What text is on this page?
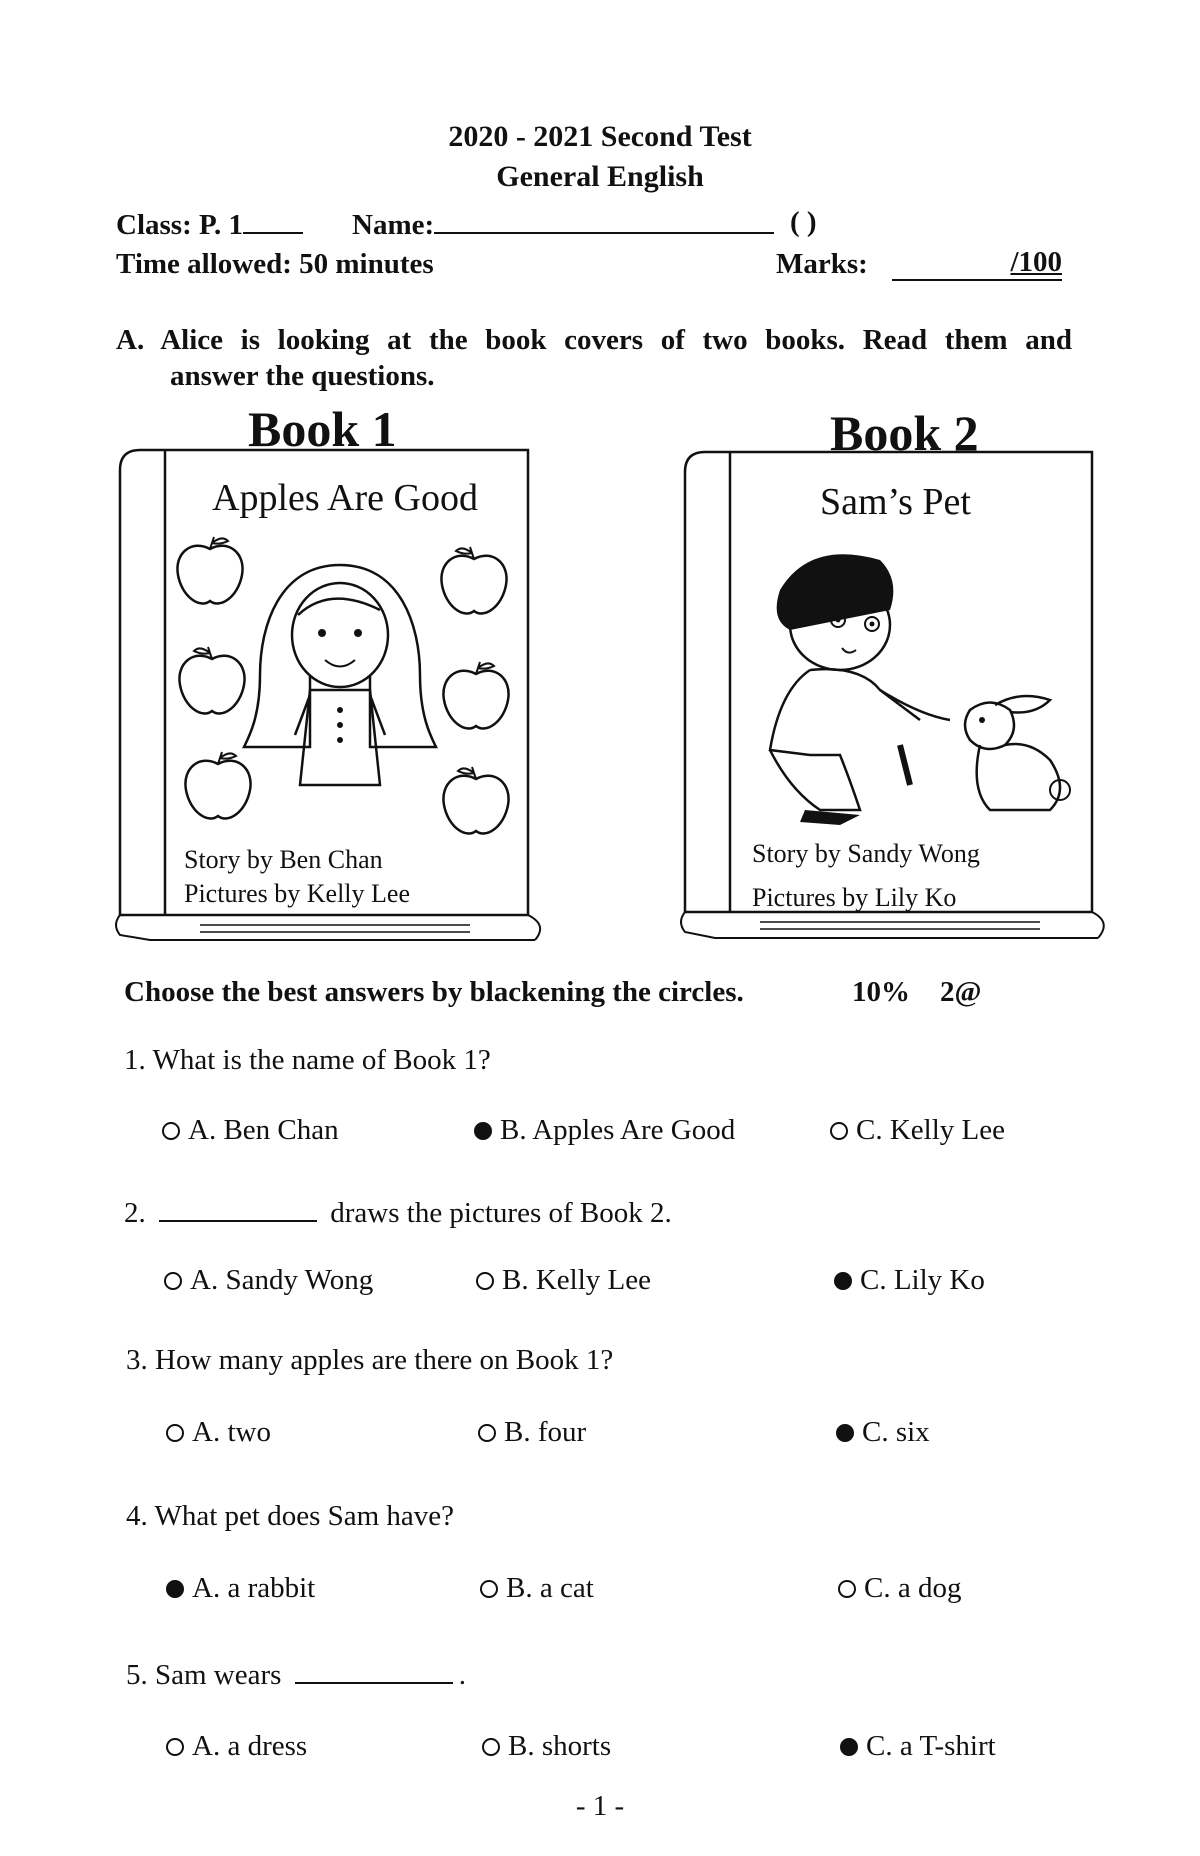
2020 - 2021 Second Test
General English
Class: P. 1	Name:	( )
Time allowed: 50 minutes	Marks:	/100
A. Alice is looking at the book covers of two books. Read them and
answer the questions.
Book 1
Apples Are Good
Story by Ben Chan
Pictures by Kelly Lee
Book 2
Sam’s Pet
Story by Sandy Wong
Pictures by Lily Ko
Choose the best answers by blackening the circles.	10% 2@
1. What is the name of Book 1?
A. Ben Chan	B. Apples Are Good	C. Kelly Lee
2.	draws the pictures of Book 2.
A. Sandy Wong	B. Kelly Lee	C. Lily Ko
3. How many apples are there on Book 1?
A. two	B. four	C. six
4. What pet does Sam have?
A. a rabbit	B. a cat	C. a dog
5. Sam wears	.
A. a dress	B. shorts	C. a T-shirt
- 1 -
